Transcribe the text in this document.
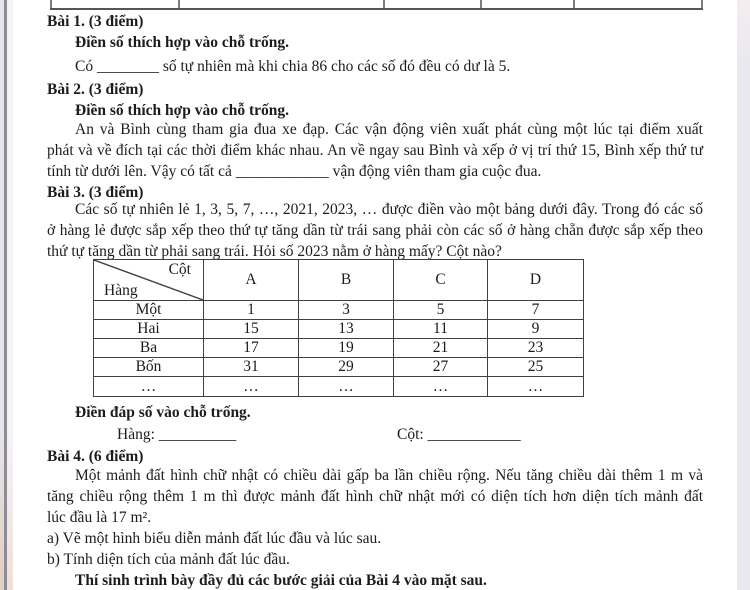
Bài 1. (3 điểm)
Điền số thích hợp vào chỗ trống.
Có ________ số tự nhiên mà khi chia 86 cho các số đó đều có dư là 5.
Bài 2. (3 điểm)
Điền số thích hợp vào chỗ trống.
An và Bình cùng tham gia đua xe đạp. Các vận động viên xuất phát cùng một lúc tại điểm xuất
phát và về đích tại các thời điểm khác nhau. An về ngay sau Bình và xếp ở vị trí thứ 15, Bình xếp thứ tư
tính từ dưới lên. Vậy có tất cả ____________ vận động viên tham gia cuộc đua.
Bài 3. (3 điểm)
Các số tự nhiên lẻ 1, 3, 5, 7, …, 2021, 2023, … được điền vào một bảng dưới đây. Trong đó các số
ở hàng lẻ được sắp xếp theo thứ tự tăng dần từ trái sang phải còn các số ở hàng chẵn được sắp xếp theo
thứ tự tăng dần từ phải sang trái. Hỏi số 2023 nằm ở hàng mấy? Cột nào?
Cột
Hàng	A	B	C	D
Một	1	3	5	7
Hai	15	13	11	9
Ba	17	19	21	23
Bốn	31	29	27	25
…	…	…	…	…
Điền đáp số vào chỗ trống.
Hàng: __________	Cột: ____________
Bài 4. (6 điểm)
Một mảnh đất hình chữ nhật có chiều dài gấp ba lần chiều rộng. Nếu tăng chiều dài thêm 1 m và
tăng chiều rộng thêm 1 m thì được mảnh đất hình chữ nhật mới có diện tích hơn diện tích mảnh đất
lúc đầu là 17 m².
a) Vẽ một hình biểu diễn mảnh đất lúc đầu và lúc sau.
b) Tính diện tích của mảnh đất lúc đầu.
Thí sinh trình bày đầy đủ các bước giải của Bài 4 vào mặt sau.
